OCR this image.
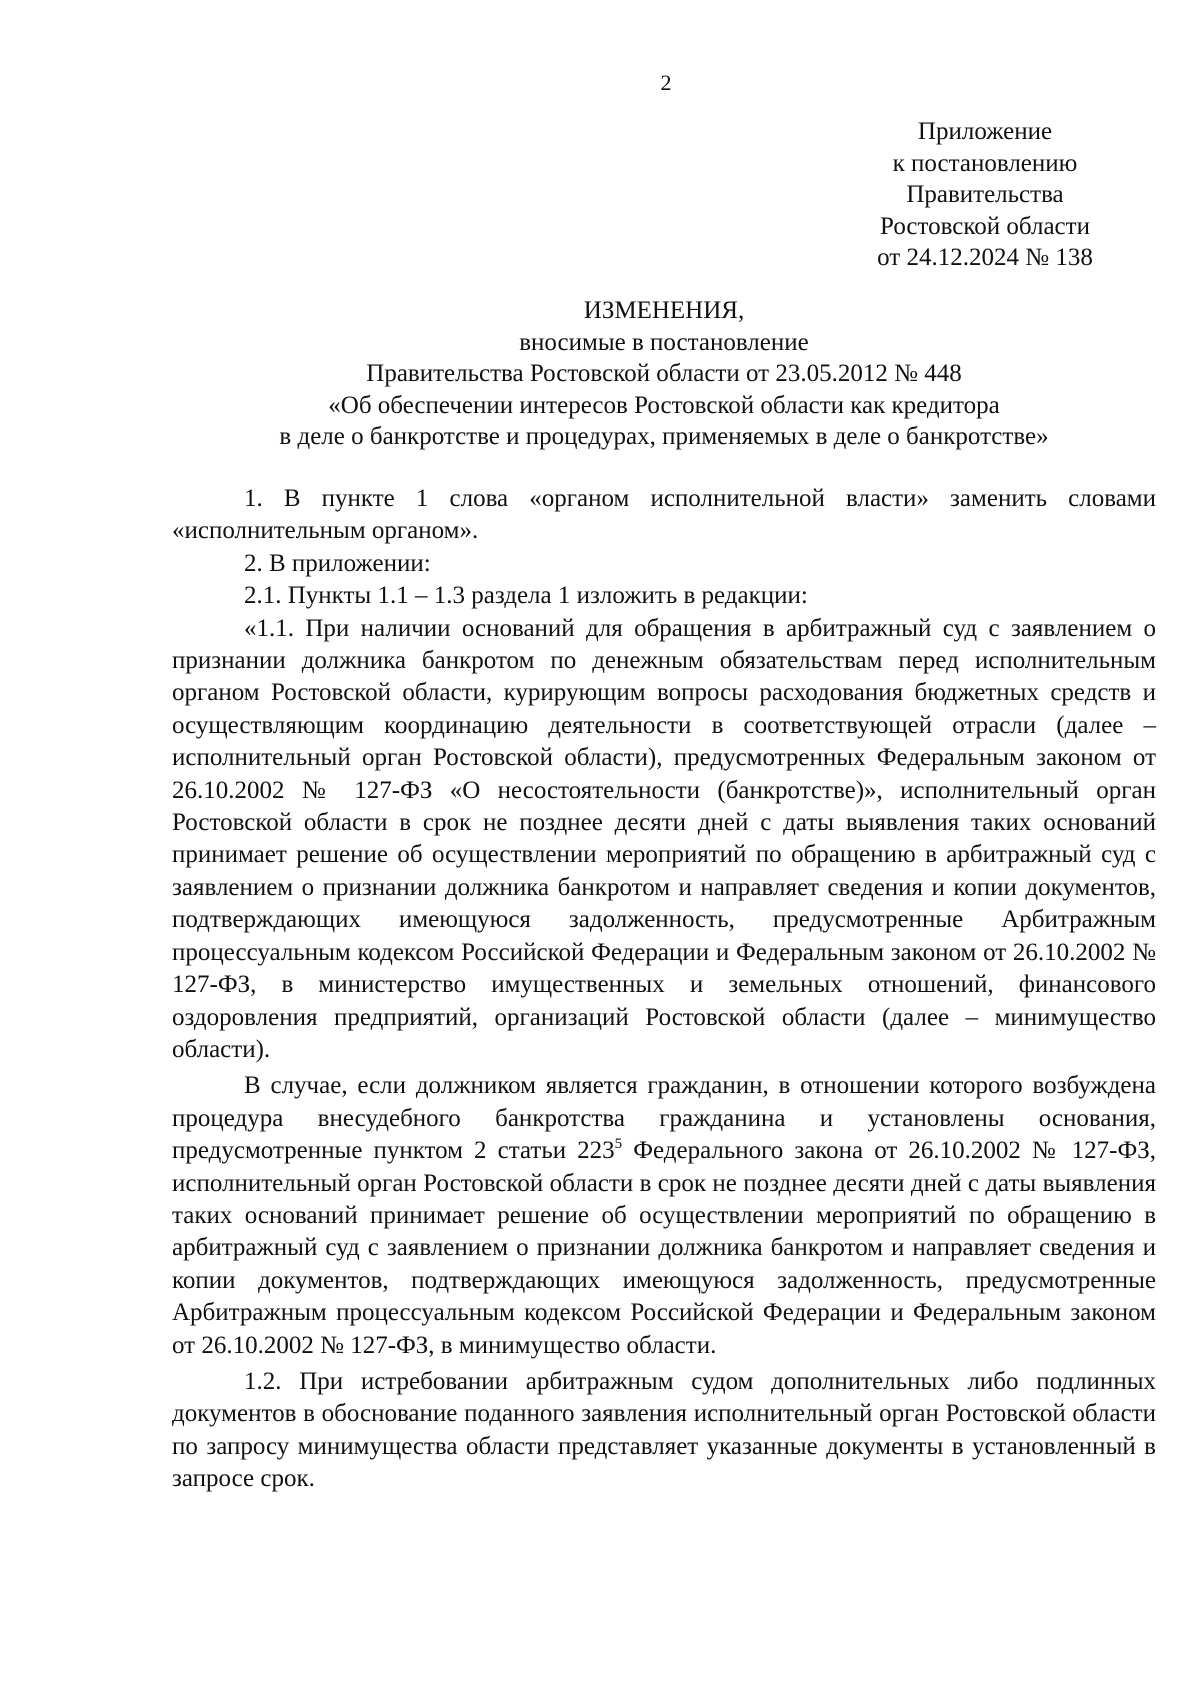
2
Приложение
к постановлению
Правительства
Ростовской области
от 24.12.2024 № 138
ИЗМЕНЕНИЯ,
вносимые в постановление
Правительства Ростовской области от 23.05.2012 № 448
«Об обеспечении интересов Ростовской области как кредитора
в деле о банкротстве и процедурах, применяемых в деле о банкротстве»

1. В пункте 1 слова «органом исполнительной власти» заменить словами «исполнительным органом».

2. В приложении:

2.1. Пункты 1.1 – 1.3 раздела 1 изложить в редакции:

«1.1. При наличии оснований для обращения в арбитражный суд с заявлением о признании должника банкротом по денежным обязательствам перед исполнительным органом Ростовской области, курирующим вопросы расходования бюджетных средств и осуществляющим координацию деятельности в соответствующей отрасли (далее – исполнительный орган Ростовской области), предусмотренных Федеральным законом от 26.10.2002 № 127-ФЗ «О несостоятельности (банкротстве)», исполнительный орган Ростовской области в срок не позднее десяти дней с даты выявления таких оснований принимает решение об осуществлении мероприятий по обращению в арбитражный суд с заявлением о признании должника банкротом и направляет сведения и копии документов, подтверждающих имеющуюся задолженность, предусмотренные Арбитражным процессуальным кодексом Российской Федерации и Федеральным законом от 26.10.2002 № 127-ФЗ, в министерство имущественных и земельных отношений, финансового оздоровления предприятий, организаций Ростовской области (далее – минимущество области).

В случае, если должником является гражданин, в отношении которого возбуждена процедура внесудебного банкротства гражданина и установлены основания, предусмотренные пунктом 2 статьи $223^5$ Федерального закона от 26.10.2002 № 127-ФЗ, исполнительный орган Ростовской области в срок не позднее десяти дней с даты выявления таких оснований принимает решение об осуществлении мероприятий по обращению в арбитражный суд с заявлением о признании должника банкротом и направляет сведения и копии документов, подтверждающих имеющуюся задолженность, предусмотренные Арбитражным процессуальным кодексом Российской Федерации и Федеральным законом от 26.10.2002 № 127-ФЗ, в минимущество области.

1.2. При истребовании арбитражным судом дополнительных либо подлинных документов в обоснование поданного заявления исполнительный орган Ростовской области по запросу минимущества области представляет указанные документы в установленный в запросе срок.
